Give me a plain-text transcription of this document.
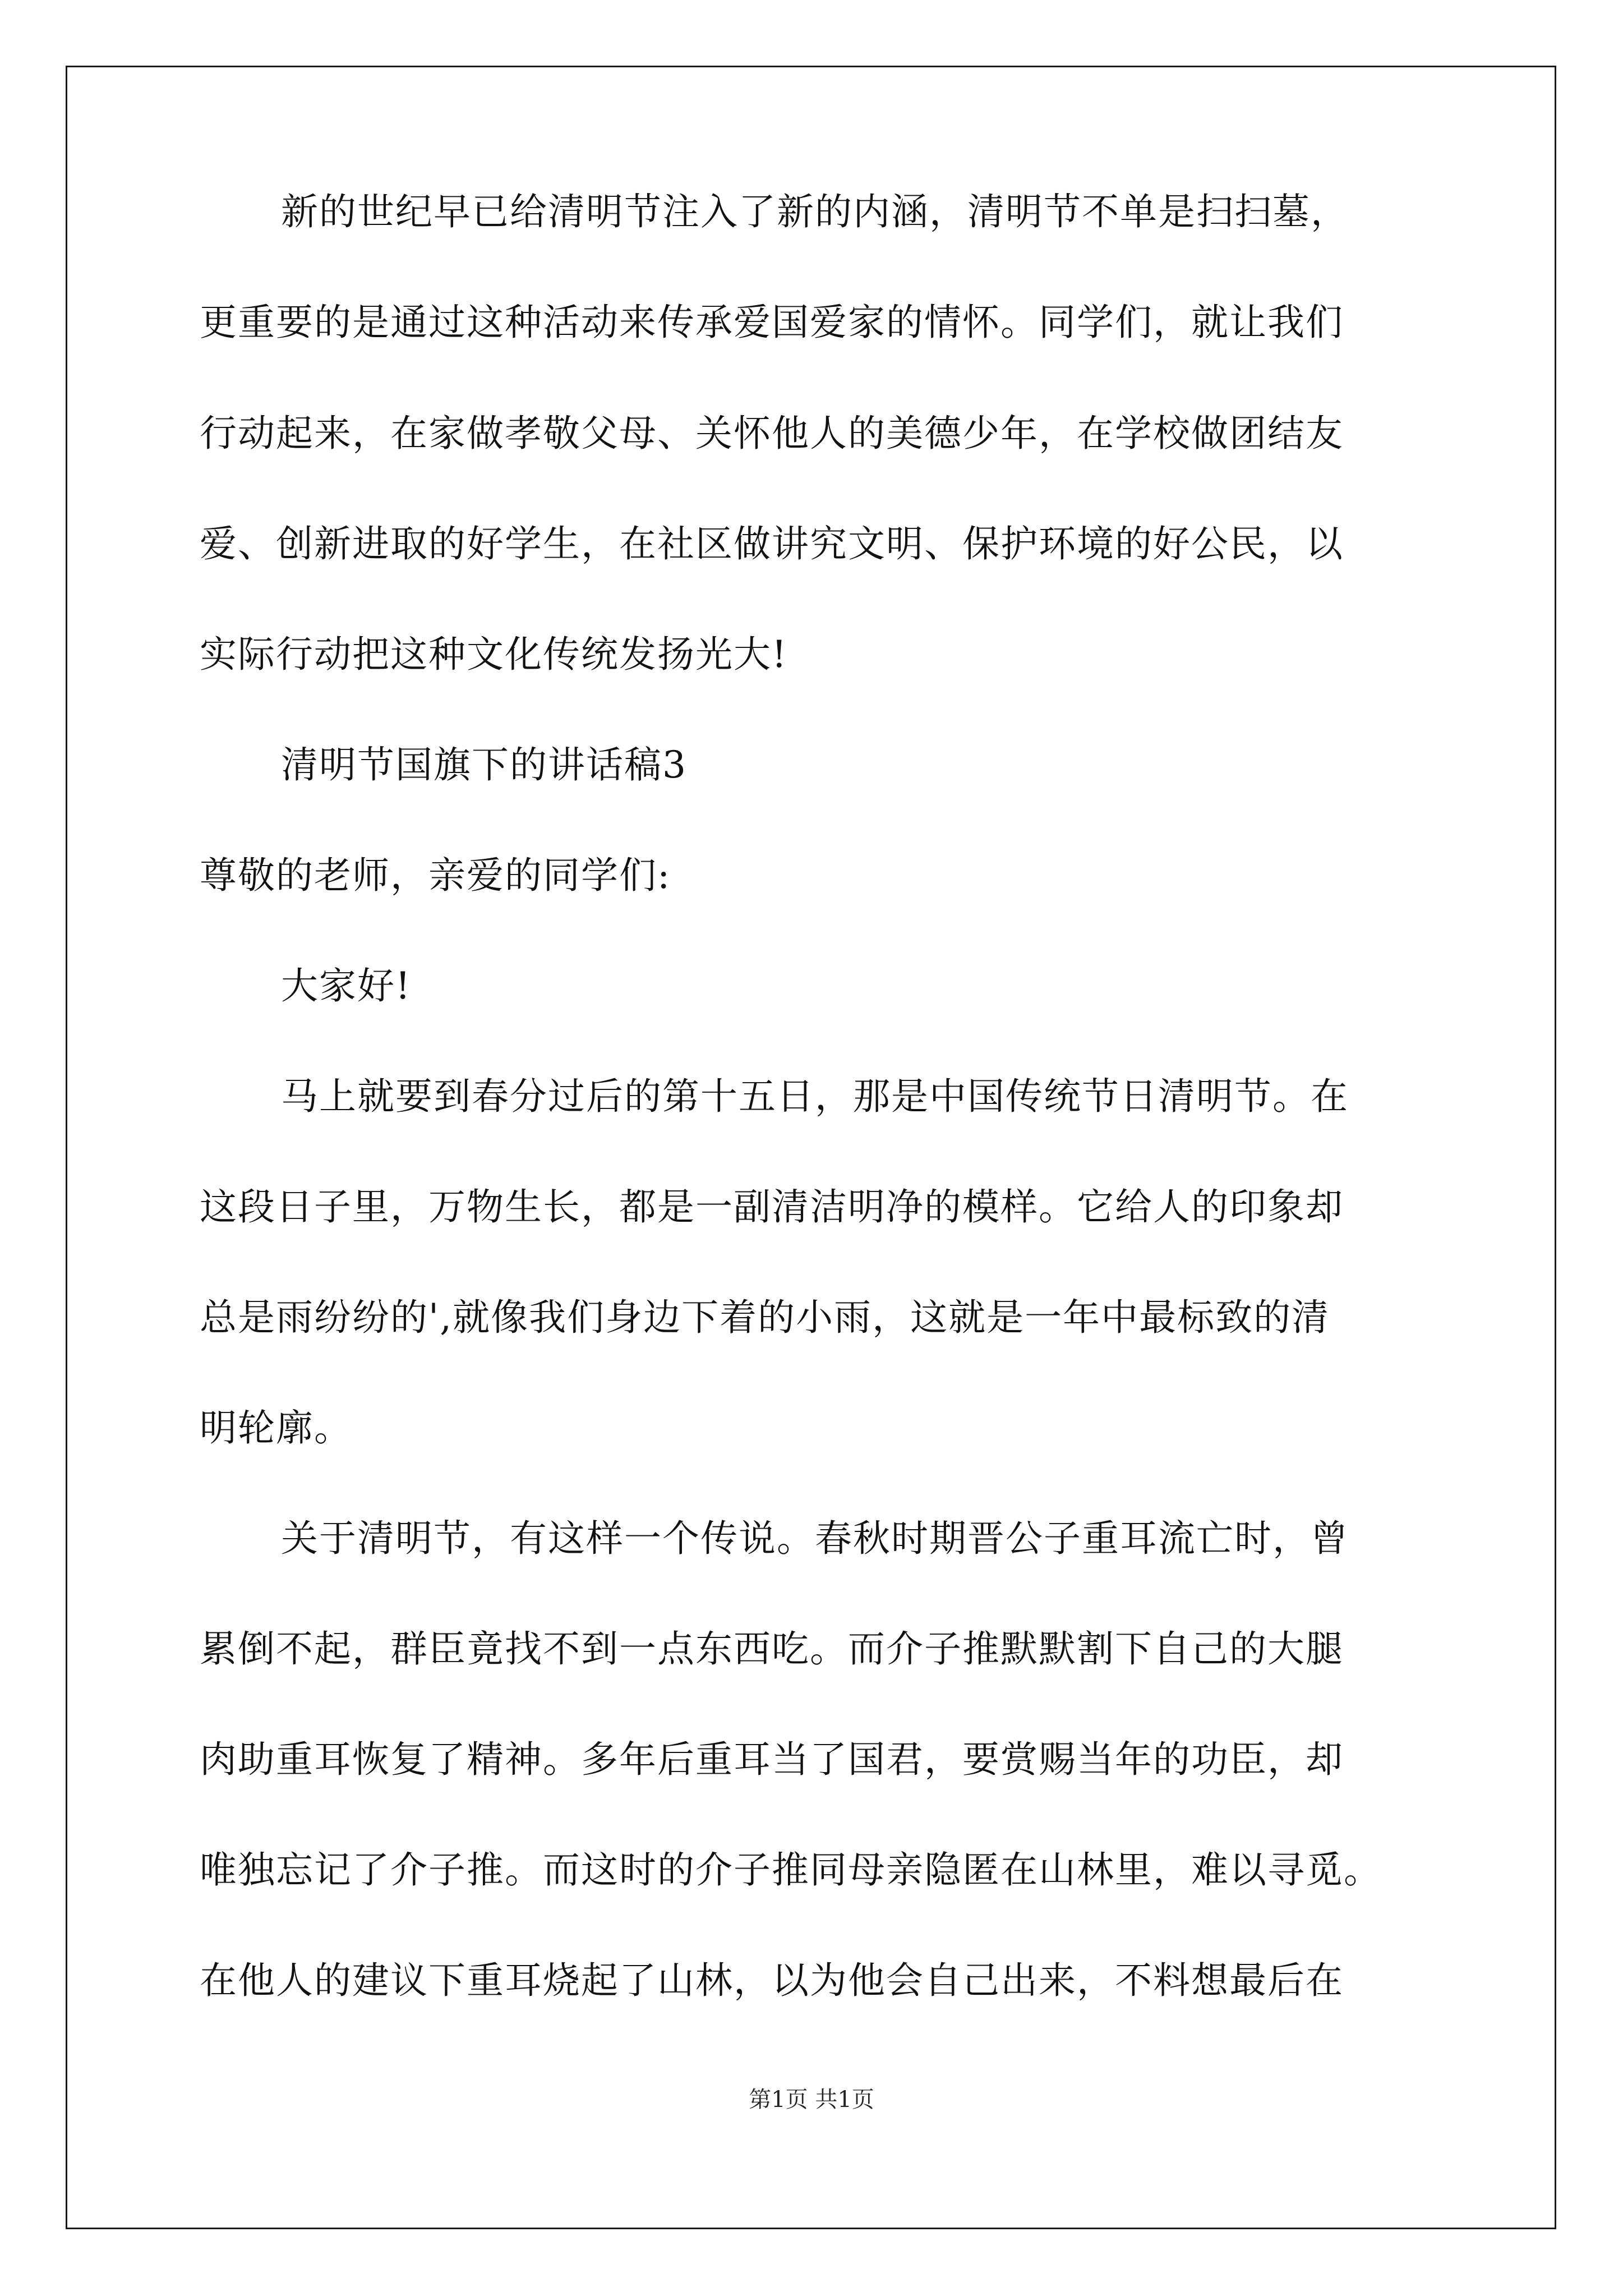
新的世纪早已给清明节注入了新的内涵，清明节不单是扫扫墓，
更重要的是通过这种活动来传承爱国爱家的情怀。同学们，就让我们
行动起来，在家做孝敬父母、关怀他人的美德少年，在学校做团结友
爱、创新进取的好学生，在社区做讲究文明、保护环境的好公民，以
实际行动把这种文化传统发扬光大!
清明节国旗下的讲话稿3
尊敬的老师，亲爱的同学们:
大家好!
马上就要到春分过后的第十五日，那是中国传统节日清明节。在
这段日子里，万物生长，都是一副清洁明净的模样。它给人的印象却
总是雨纷纷的',就像我们身边下着的小雨，这就是一年中最标致的清
明轮廓。
关于清明节，有这样一个传说。春秋时期晋公子重耳流亡时，曾
累倒不起，群臣竟找不到一点东西吃。而介子推默默割下自己的大腿
肉助重耳恢复了精神。多年后重耳当了国君，要赏赐当年的功臣，却
唯独忘记了介子推。而这时的介子推同母亲隐匿在山林里，难以寻觅。
在他人的建议下重耳烧起了山林，以为他会自己出来，不料想最后在
第1页 共1页
